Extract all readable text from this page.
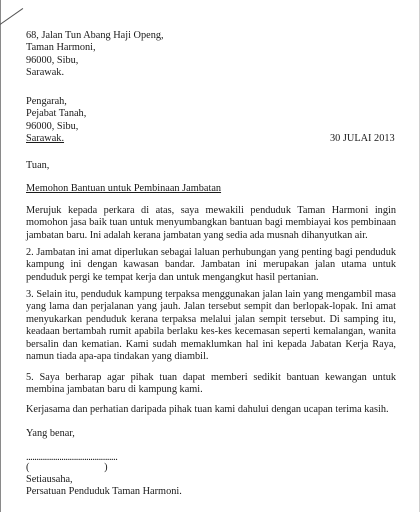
68, Jalan Tun Abang Haji Openg,
Taman Harmoni,
96000, Sibu,
Sarawak.
Pengarah,
Pejabat Tanah,
96000, Sibu,
Sarawak.	30 JULAI 2013
Tuan,
Memohon Bantuan untuk Pembinaan Jambatan
Merujuk kepada perkara di atas, saya mewakili penduduk Taman Harmoni ingin momohon jasa baik tuan untuk menyumbangkan bantuan bagi membiayai kos pembinaan jambatan baru. Ini adalah kerana jambatan yang sedia ada musnah dihanyutkan air.
2. Jambatan ini amat diperlukan sebagai laluan perhubungan yang penting bagi penduduk kampung ini dengan kawasan bandar. Jambatan ini merupakan jalan utama untuk penduduk pergi ke tempat kerja dan untuk mengangkut hasil pertanian.
3. Selain itu, penduduk kampung terpaksa menggunakan jalan lain yang mengambil masa yang lama dan perjalanan yang jauh. Jalan tersebut sempit dan berlopak-lopak. Ini amat menyukarkan penduduk kerana terpaksa melalui jalan sempit tersebut. Di samping itu, keadaan bertambah rumit apabila berlaku kes-kes kecemasan seperti kemalangan, wanita bersalin dan kematian. Kami sudah memaklumkan hal ini kepada Jabatan Kerja Raya, namun tiada apa-apa tindakan yang diambil.
5. Saya berharap agar pihak tuan dapat memberi sedikit bantuan kewangan untuk membina jambatan baru di kampung kami.
Kerjasama dan perhatian daripada pihak tuan kami dahului dengan ucapan terima kasih.
Yang benar,
............................................
(                             )
Setiausaha,
Persatuan Penduduk Taman Harmoni.
